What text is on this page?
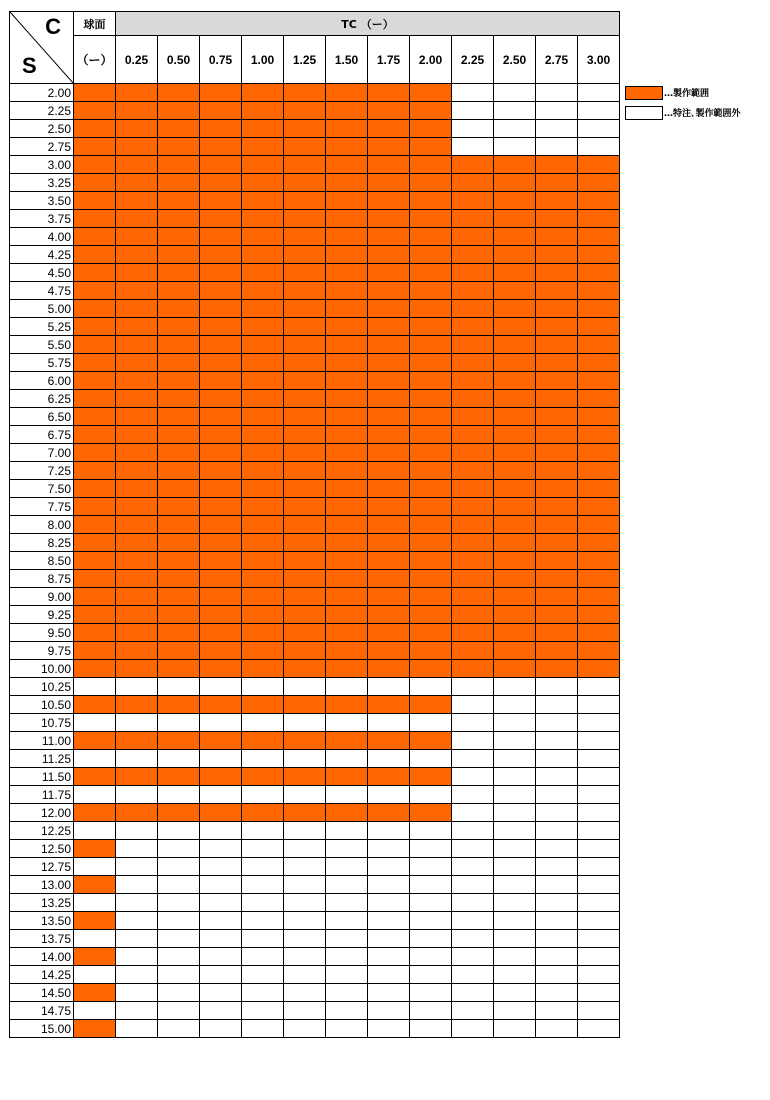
C
S	球面	TC （ー）											
	（ー）	0.25	0.50	0.75	1.00	1.25	1.50	1.75	2.00	2.25	2.50	2.75	3.00
2.00													
2.25													
2.50													
2.75													
3.00													
3.25													
3.50													
3.75													
4.00													
4.25													
4.50													
4.75													
5.00													
5.25													
5.50													
5.75													
6.00													
6.25													
6.50													
6.75													
7.00													
7.25													
7.50													
7.75													
8.00													
8.25													
8.50													
8.75													
9.00													
9.25													
9.50													
9.75													
10.00													
10.25													
10.50													
10.75													
11.00													
11.25													
11.50													
11.75													
12.00													
12.25													
12.50													
12.75													
13.00													
13.25													
13.50													
13.75													
14.00													
14.25													
14.50													
14.75													
15.00													
…製作範囲
…特注､製作範囲外
